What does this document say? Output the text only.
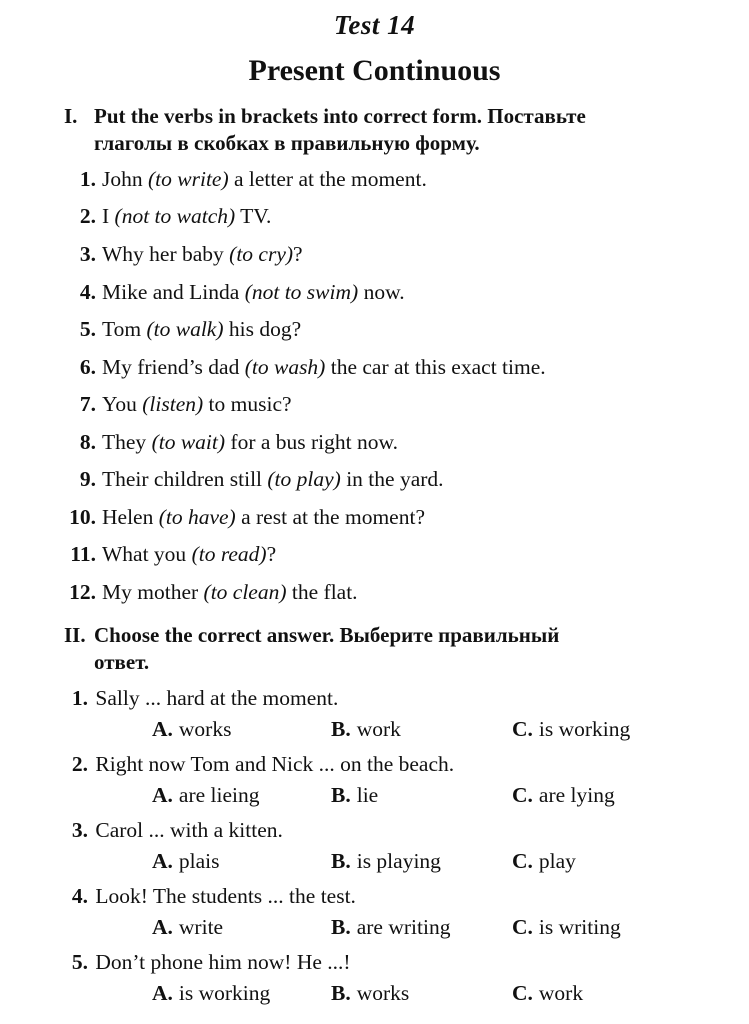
Test 14
Present Continuous
I. Put the verbs in brackets into correct form. Поставьте
глаголы в скобках в правильную форму.
1. John (to write) a letter at the moment.
2. I (not to watch) TV.
3. Why her baby (to cry)?
4. Mike and Linda (not to swim) now.
5. Tom (to walk) his dog?
6. My friend’s dad (to wash) the car at this exact time.
7. You (listen) to music?
8. They (to wait) for a bus right now.
9. Their children still (to play) in the yard.
10. Helen (to have) a rest at the moment?
11. What you (to read)?
12. My mother (to clean) the flat.
II. Choose the correct answer. Выберите правильный
ответ.
1. Sally ... hard at the moment.
A. works	B. work	C. is working
2. Right now Tom and Nick ... on the beach.
A. are lieing	B. lie	C. are lying
3. Carol ... with a kitten.
A. plais	B. is playing	C. play
4. Look! The students ... the test.
A. write	B. are writing	C. is writing
5. Don’t phone him now! He ...!
A. is working	B. works	C. work
